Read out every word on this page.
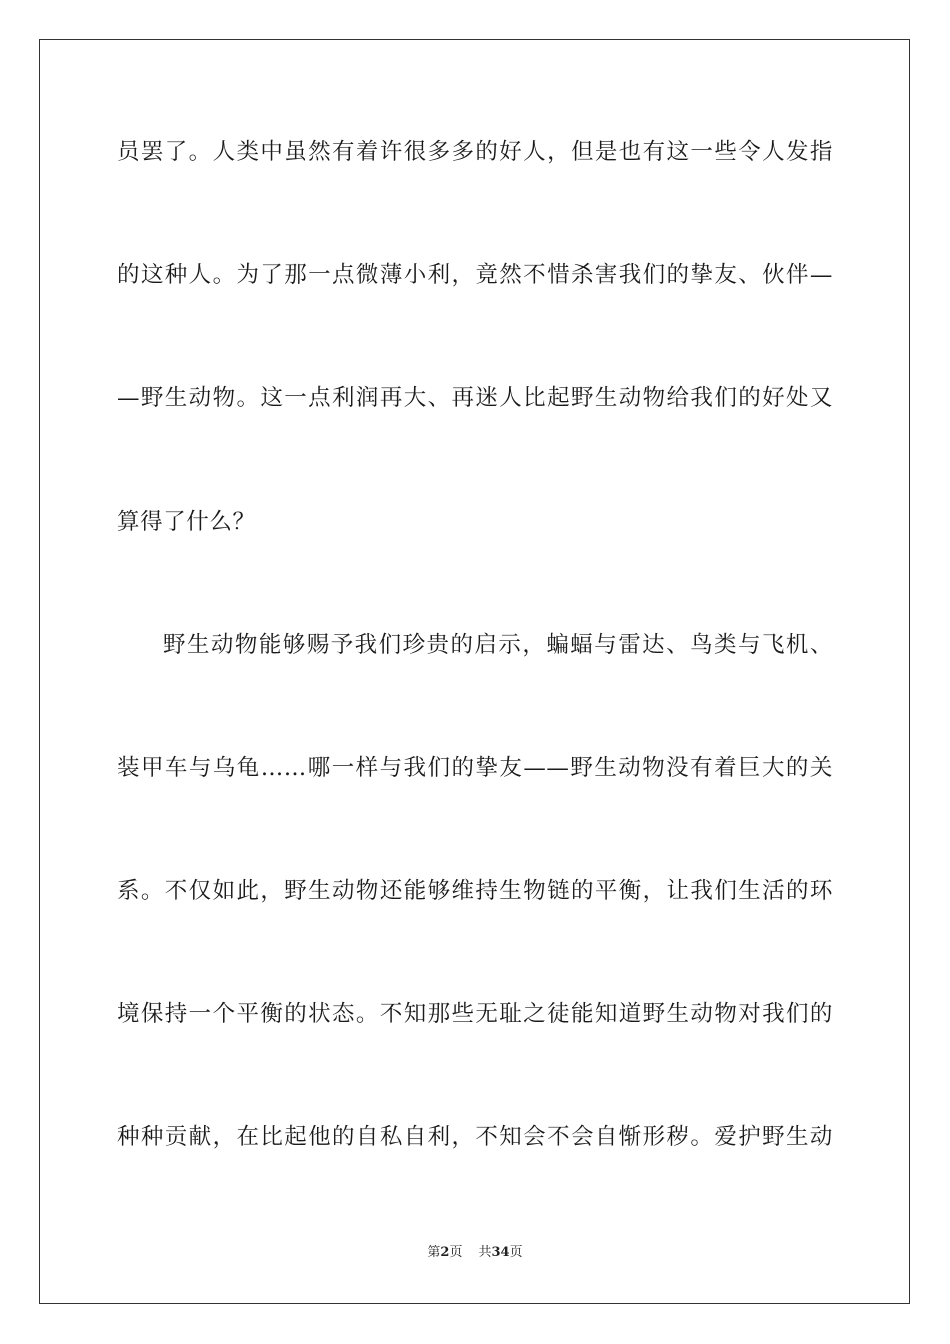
员罢了。人类中虽然有着许很多多的好人，但是也有这一些令人发指
的这种人。为了那一点微薄小利，竟然不惜杀害我们的挚友、伙伴—
—野生动物。这一点利润再大、再迷人比起野生动物给我们的好处又
算得了什么？
野生动物能够赐予我们珍贵的启示，蝙蝠与雷达、鸟类与飞机、
装甲车与乌龟……哪一样与我们的挚友——野生动物没有着巨大的关
系。不仅如此，野生动物还能够维持生物链的平衡，让我们生活的环
境保持一个平衡的状态。不知那些无耻之徒能知道野生动物对我们的
种种贡献，在比起他的自私自利，不知会不会自惭形秽。爱护野生动
第2页 共34页
